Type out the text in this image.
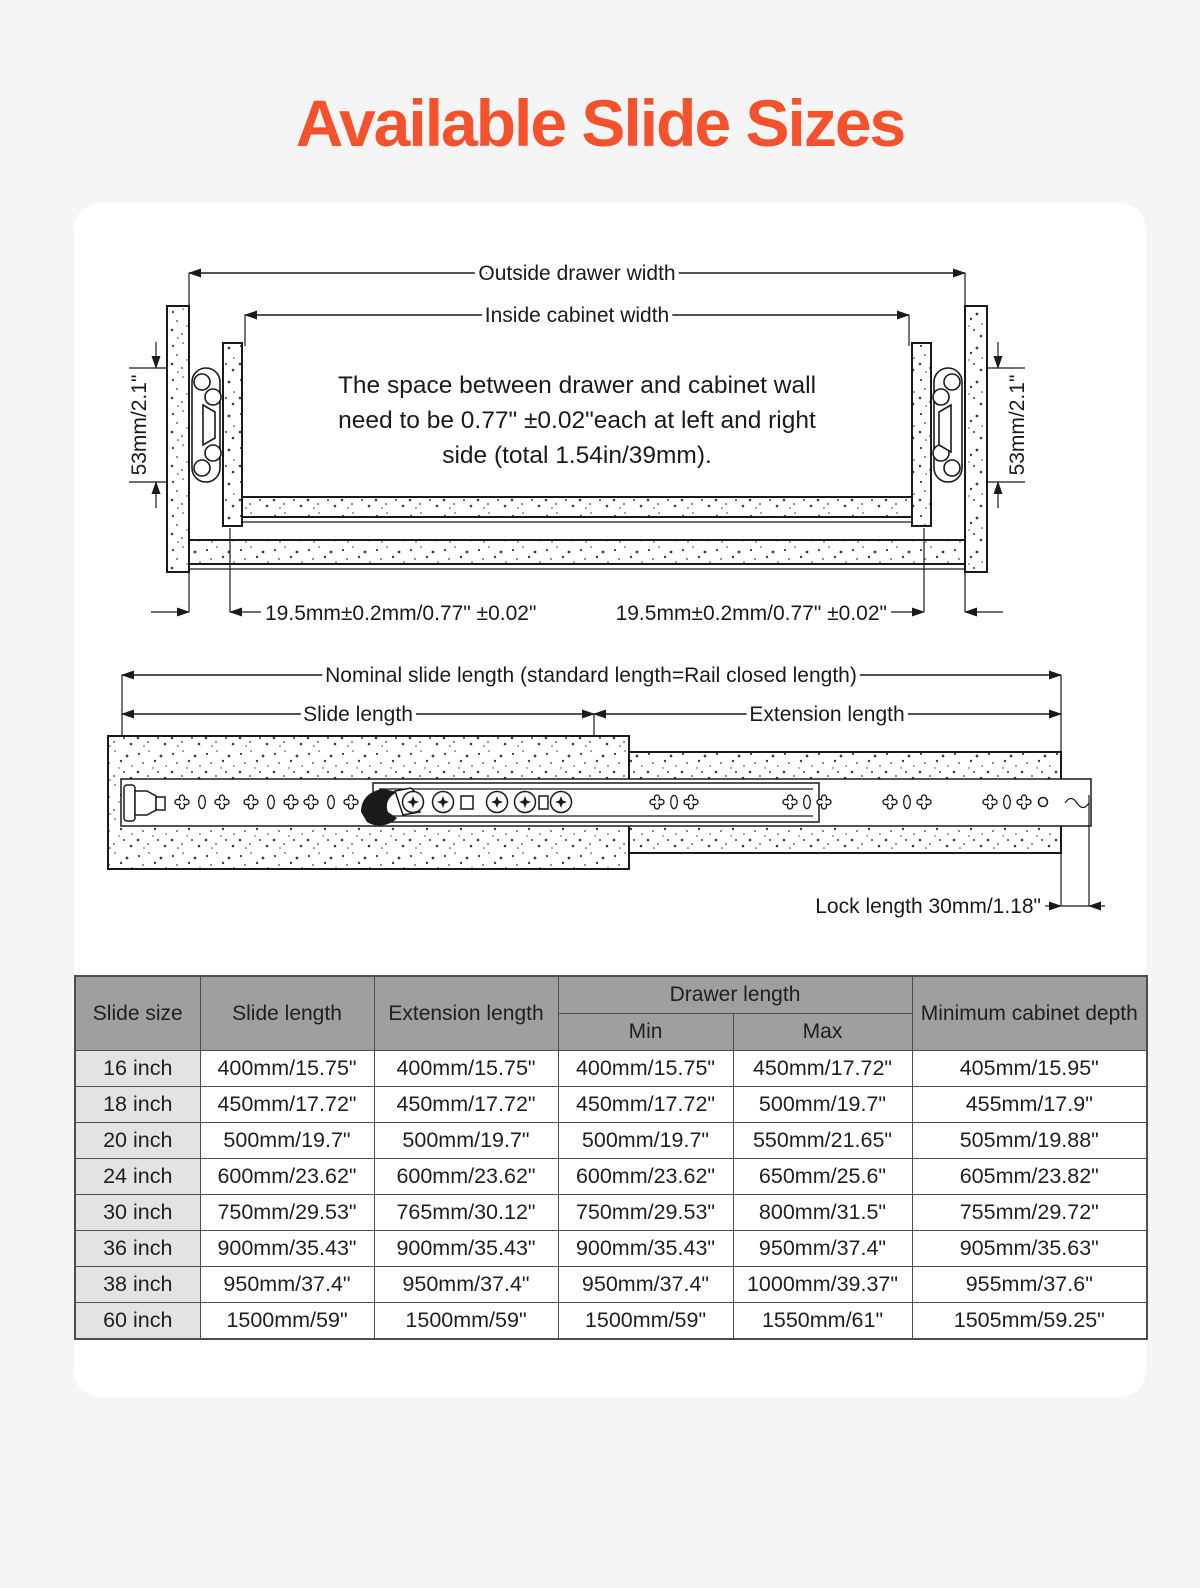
Available Slide Sizes
Outside drawer width
Inside cabinet width
53mm/2.1"	53mm/2.1"
The space between drawer and cabinet wall
need to be 0.77" ±0.02"each at left and right
side (total 1.54in/39mm).
19.5mm±0.2mm/0.77" ±0.02"	19.5mm±0.2mm/0.77" ±0.02"
Nominal slide length (standard length=Rail closed length)
Slide length	Extension length
Lock length 30mm/1.18"
Slide size	Slide length	Extension length	Drawer length		Minimum cabinet depth
			Min	Max	
16 inch	400mm/15.75"	400mm/15.75"	400mm/15.75"	450mm/17.72"	405mm/15.95"
18 inch	450mm/17.72"	450mm/17.72"	450mm/17.72"	500mm/19.7"	455mm/17.9"
20 inch	500mm/19.7"	500mm/19.7"	500mm/19.7"	550mm/21.65"	505mm/19.88"
24 inch	600mm/23.62"	600mm/23.62"	600mm/23.62"	650mm/25.6"	605mm/23.82"
30 inch	750mm/29.53"	765mm/30.12"	750mm/29.53"	800mm/31.5"	755mm/29.72"
36 inch	900mm/35.43"	900mm/35.43"	900mm/35.43"	950mm/37.4"	905mm/35.63"
38 inch	950mm/37.4"	950mm/37.4"	950mm/37.4"	1000mm/39.37"	955mm/37.6"
60 inch	1500mm/59"	1500mm/59"	1500mm/59"	1550mm/61"	1505mm/59.25"
